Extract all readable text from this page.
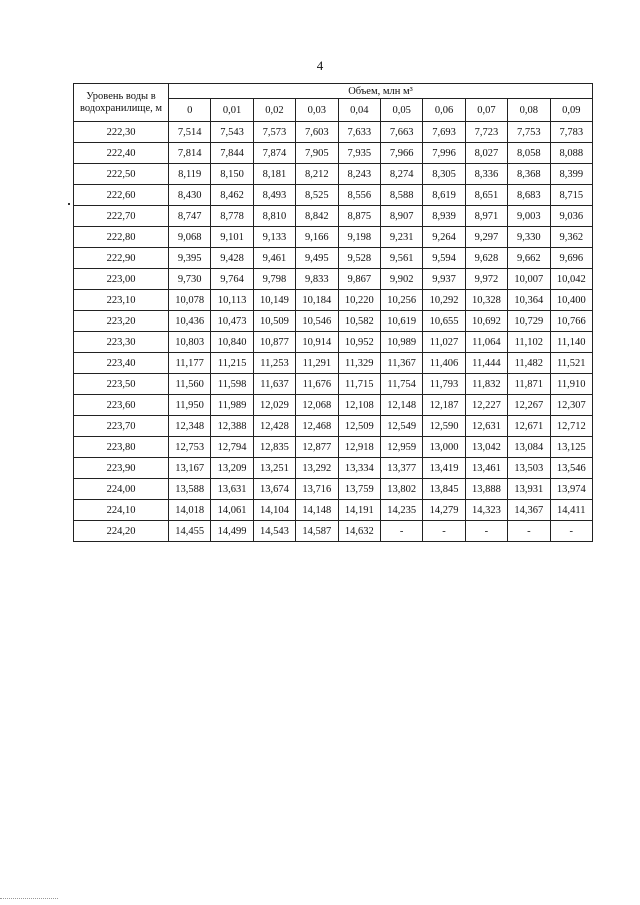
4
Уровень воды в водохранилище, м	Объем, млн м³									
	0	0,01	0,02	0,03	0,04	0,05	0,06	0,07	0,08	0,09
222,30	7,514	7,543	7,573	7,603	7,633	7,663	7,693	7,723	7,753	7,783
222,40	7,814	7,844	7,874	7,905	7,935	7,966	7,996	8,027	8,058	8,088
222,50	8,119	8,150	8,181	8,212	8,243	8,274	8,305	8,336	8,368	8,399
222,60	8,430	8,462	8,493	8,525	8,556	8,588	8,619	8,651	8,683	8,715
222,70	8,747	8,778	8,810	8,842	8,875	8,907	8,939	8,971	9,003	9,036
222,80	9,068	9,101	9,133	9,166	9,198	9,231	9,264	9,297	9,330	9,362
222,90	9,395	9,428	9,461	9,495	9,528	9,561	9,594	9,628	9,662	9,696
223,00	9,730	9,764	9,798	9,833	9,867	9,902	9,937	9,972	10,007	10,042
223,10	10,078	10,113	10,149	10,184	10,220	10,256	10,292	10,328	10,364	10,400
223,20	10,436	10,473	10,509	10,546	10,582	10,619	10,655	10,692	10,729	10,766
223,30	10,803	10,840	10,877	10,914	10,952	10,989	11,027	11,064	11,102	11,140
223,40	11,177	11,215	11,253	11,291	11,329	11,367	11,406	11,444	11,482	11,521
223,50	11,560	11,598	11,637	11,676	11,715	11,754	11,793	11,832	11,871	11,910
223,60	11,950	11,989	12,029	12,068	12,108	12,148	12,187	12,227	12,267	12,307
223,70	12,348	12,388	12,428	12,468	12,509	12,549	12,590	12,631	12,671	12,712
223,80	12,753	12,794	12,835	12,877	12,918	12,959	13,000	13,042	13,084	13,125
223,90	13,167	13,209	13,251	13,292	13,334	13,377	13,419	13,461	13,503	13,546
224,00	13,588	13,631	13,674	13,716	13,759	13,802	13,845	13,888	13,931	13,974
224,10	14,018	14,061	14,104	14,148	14,191	14,235	14,279	14,323	14,367	14,411
224,20	14,455	14,499	14,543	14,587	14,632	-	-	-	-	-
